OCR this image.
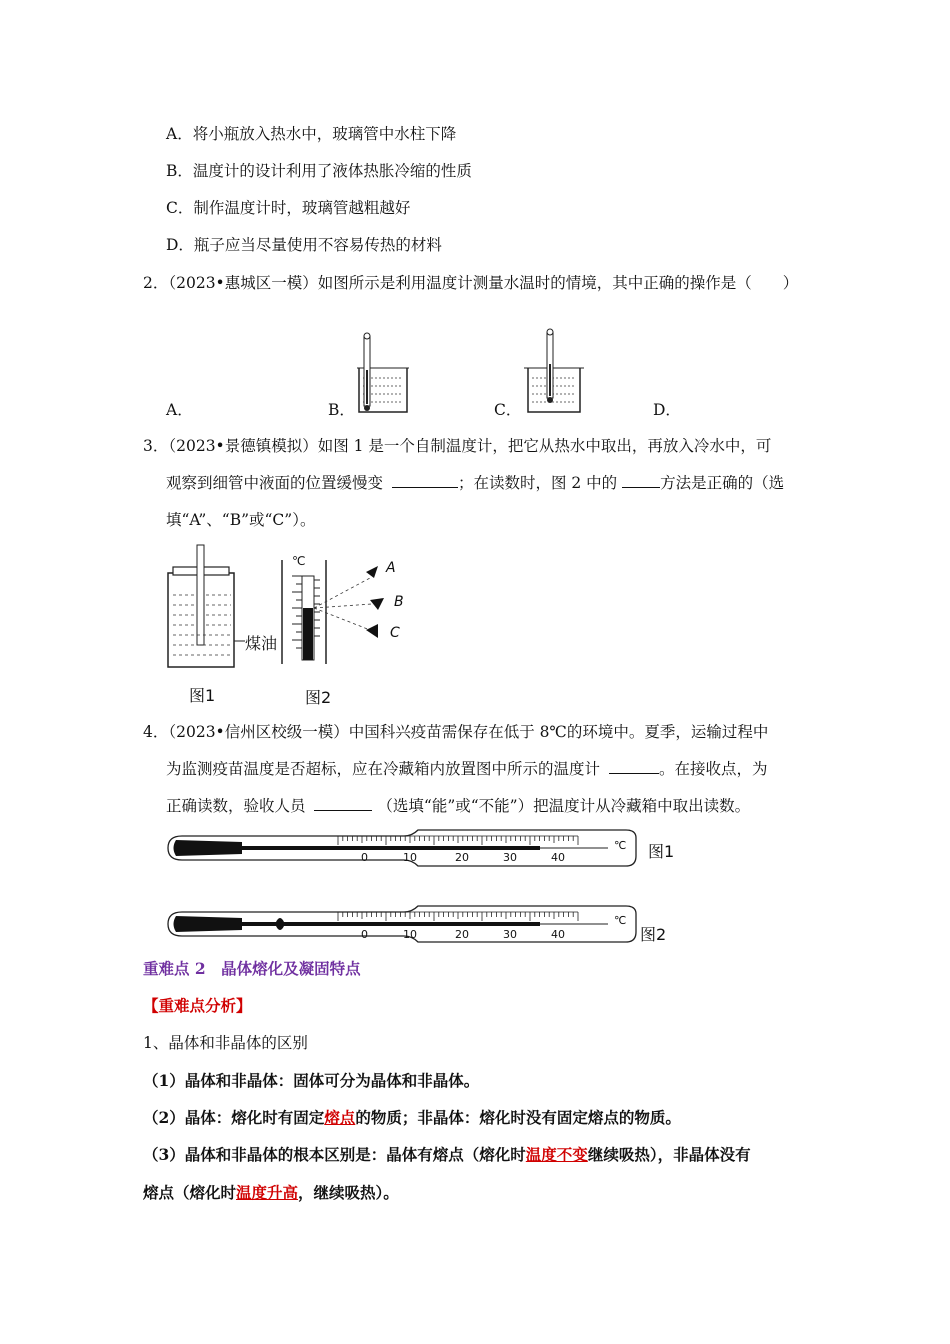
A．将小瓶放入热水中，玻璃管中水柱下降
B．温度计的设计利用了液体热胀冷缩的性质
C．制作温度计时，玻璃管越粗越好
D．瓶子应当尽量使用不容易传热的材料
2．（2023•惠城区一模）如图所示是利用温度计测量水温时的情境，其中正确的操作是（　　）
A．	B．	C．	D．
3．（2023•景德镇模拟）如图 1 是一个自制温度计，把它从热水中取出，再放入冷水中，可
观察到细管中液面的位置缓慢变	；在读数时，图 2 中的	方法是正确的（选
填“A”、“B”或“C”）。
煤油
图1
℃	A
B
C
图2
4．（2023•信州区校级一模）中国科兴疫苗需保存在低于 8℃的环境中。夏季，运输过程中
为监测疫苗温度是否超标，应在冷藏箱内放置图中所示的温度计	。在接收点，为
正确读数，验收人员	（选填“能”或“不能”）把温度计从冷藏箱中取出读数。
图1
℃
0	10	20	30	40
图2
℃
0	10	20	30	40
重难点 2　晶体熔化及凝固特点
【重难点分析】
1、晶体和非晶体的区别
（1）晶体和非晶体：固体可分为晶体和非晶体。
（2）晶体：熔化时有固定熔点的物质；非晶体：熔化时没有固定熔点的物质。
（3）晶体和非晶体的根本区别是：晶体有熔点（熔化时温度不变继续吸热），非晶体没有
熔点（熔化时温度升高，继续吸热）。
